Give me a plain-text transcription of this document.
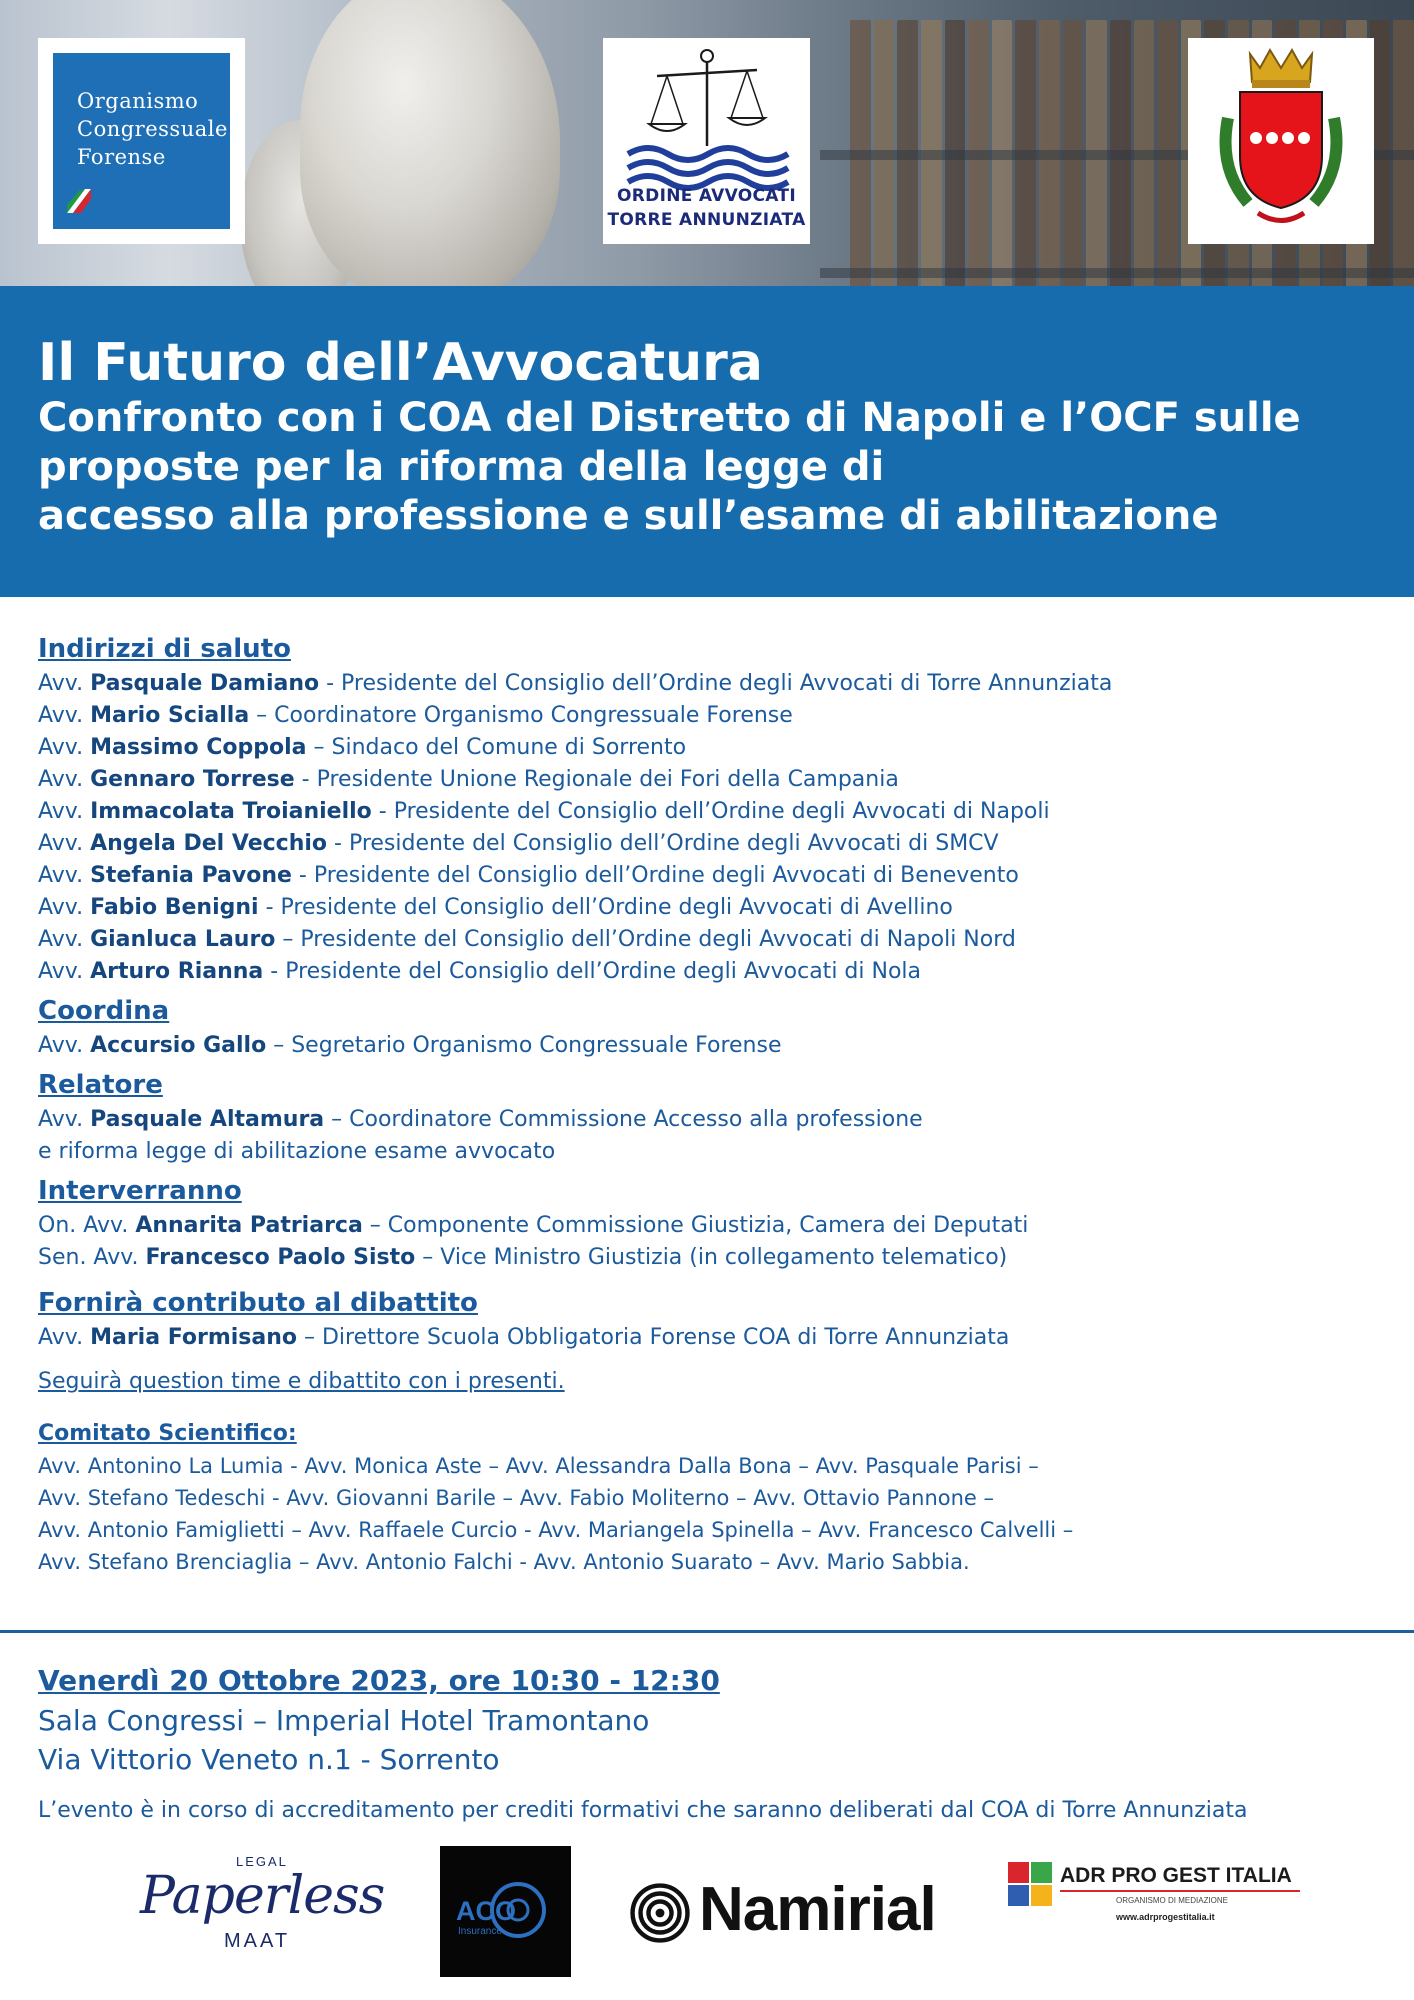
Organismo
Congressuale
Forense
ORDINE AVVOCATI
TORRE ANNUNZIATA
Il Futuro dell’Avvocatura
Confronto con i COA del Distretto di Napoli e l’OCF sulle
proposte per la riforma della legge di
accesso alla professione e sull’esame di abilitazione
Indirizzi di saluto
Avv. Pasquale Damiano - Presidente del Consiglio dell’Ordine degli Avvocati di Torre Annunziata
Avv. Mario Scialla – Coordinatore Organismo Congressuale Forense
Avv. Massimo Coppola – Sindaco del Comune di Sorrento
Avv. Gennaro Torrese - Presidente Unione Regionale dei Fori della Campania
Avv. Immacolata Troianiello - Presidente del Consiglio dell’Ordine degli Avvocati di Napoli
Avv. Angela Del Vecchio - Presidente del Consiglio dell’Ordine degli Avvocati di SMCV
Avv. Stefania Pavone - Presidente del Consiglio dell’Ordine degli Avvocati di Benevento
Avv. Fabio Benigni - Presidente del Consiglio dell’Ordine degli Avvocati di Avellino
Avv. Gianluca Lauro – Presidente del Consiglio dell’Ordine degli Avvocati di Napoli Nord
Avv. Arturo Rianna - Presidente del Consiglio dell’Ordine degli Avvocati di Nola
Coordina
Avv. Accursio Gallo – Segretario Organismo Congressuale Forense
Relatore
Avv. Pasquale Altamura – Coordinatore Commissione Accesso alla professione
e riforma legge di abilitazione esame avvocato
Interverranno
On. Avv. Annarita Patriarca – Componente Commissione Giustizia, Camera dei Deputati
Sen. Avv. Francesco Paolo Sisto – Vice Ministro Giustizia (in collegamento telematico)
Fornirà contributo al dibattito
Avv. Maria Formisano – Direttore Scuola Obbligatoria Forense COA di Torre Annunziata
Seguirà question time e dibattito con i presenti.
Comitato Scientifico:
Avv. Antonino La Lumia - Avv. Monica Aste – Avv. Alessandra Dalla Bona – Avv. Pasquale Parisi –
Avv. Stefano Tedeschi - Avv. Giovanni Barile – Avv. Fabio Moliterno – Avv. Ottavio Pannone –
Avv. Antonio Famiglietti – Avv. Raffaele Curcio - Avv. Mariangela Spinella – Avv. Francesco Calvelli –
Avv. Stefano Brenciaglia – Avv. Antonio Falchi - Avv. Antonio Suarato – Avv. Mario Sabbia.
Venerdì 20 Ottobre 2023, ore 10:30 - 12:30
Sala Congressi – Imperial Hotel Tramontano
Via Vittorio Veneto n.1 - Sorrento
L’evento è in corso di accreditamento per crediti formativi che saranno deliberati dal COA di Torre Annunziata
LEGAL
Paperless
MAAT
ACO
Insurance	Namirial	ADR PRO GEST ITALIA
ORGANISMO DI MEDIAZIONE
www.adrprogestitalia.it
